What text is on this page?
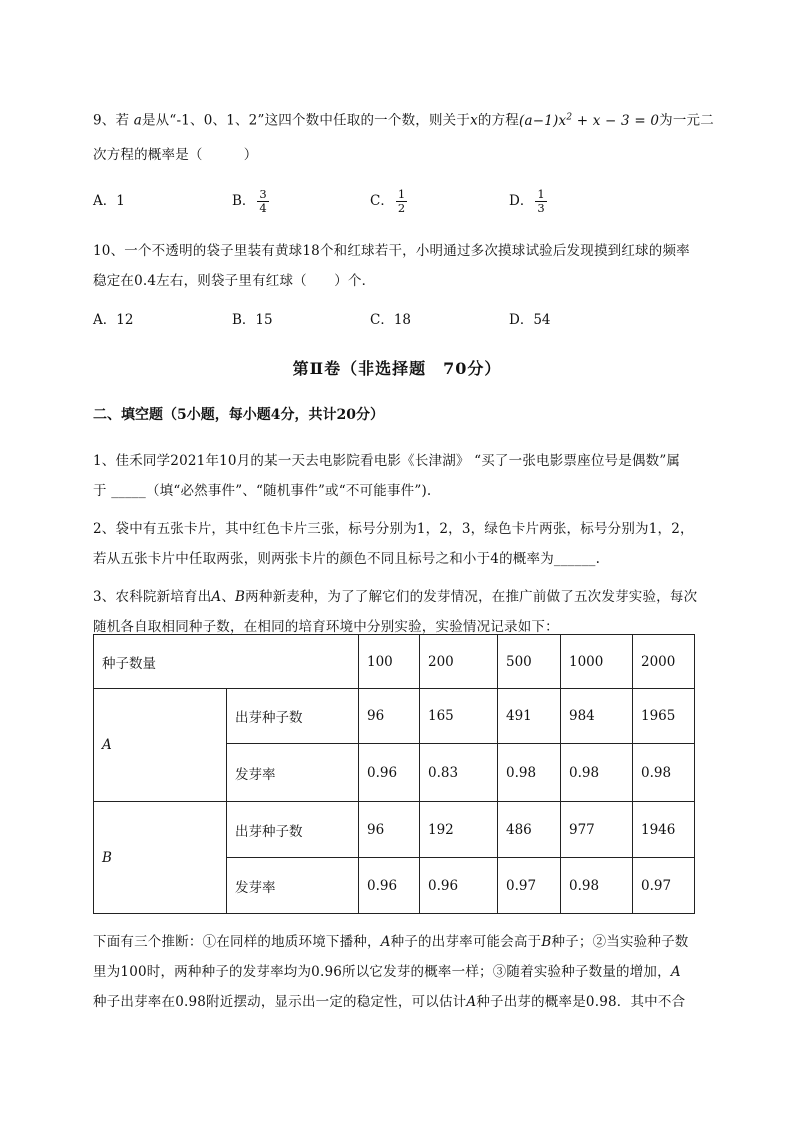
9、若 a是从“-1、0、1、2”这四个数中任取的一个数，则关于x的方程$(a-1)x^2 + x - 3 = 0$为一元二
次方程的概率是（　　　）
A．1	B． $\frac{3}{4}$	C． $\frac{1}{2}$	D． $\frac{1}{3}$
10、一个不透明的袋子里装有黄球18个和红球若干，小明通过多次摸球试验后发现摸到红球的频率
稳定在0.4左右，则袋子里有红球（　　）个．
A．12	B．15	C．18	D．54
第Ⅱ卷（非选择题　70分）
二、填空题（5小题，每小题4分，共计20分）
1、佳禾同学2021年10月的某一天去电影院看电影《长津湖》 “买了一张电影票座位号是偶数”属
于 _____（填“必然事件”、“随机事件”或“不可能事件”).
2、袋中有五张卡片，其中红色卡片三张，标号分别为1，2，3，绿色卡片两张，标号分别为1，2，
若从五张卡片中任取两张，则两张卡片的颜色不同且标号之和小于4的概率为______.
3、农科院新培育出A、B两种新麦种，为了了解它们的发芽情况，在推广前做了五次发芽实验，每次
随机各自取相同种子数，在相同的培育环境中分别实验，实验情况记录如下：
种子数量		100	200	500	1000	2000
A	出芽种子数	96	165	491	984	1965
	发芽率	0.96	0.83	0.98	0.98	0.98
B	出芽种子数	96	192	486	977	1946
	发芽率	0.96	0.96	0.97	0.98	0.97
下面有三个推断：①在同样的地质环境下播种，A种子的出芽率可能会高于B种子；②当实验种子数
里为100时，两种种子的发芽率均为0.96所以它发芽的概率一样；③随着实验种子数量的增加，A
种子出芽率在0.98附近摆动，显示出一定的稳定性，可以估计A种子出芽的概率是0.98．其中不合
